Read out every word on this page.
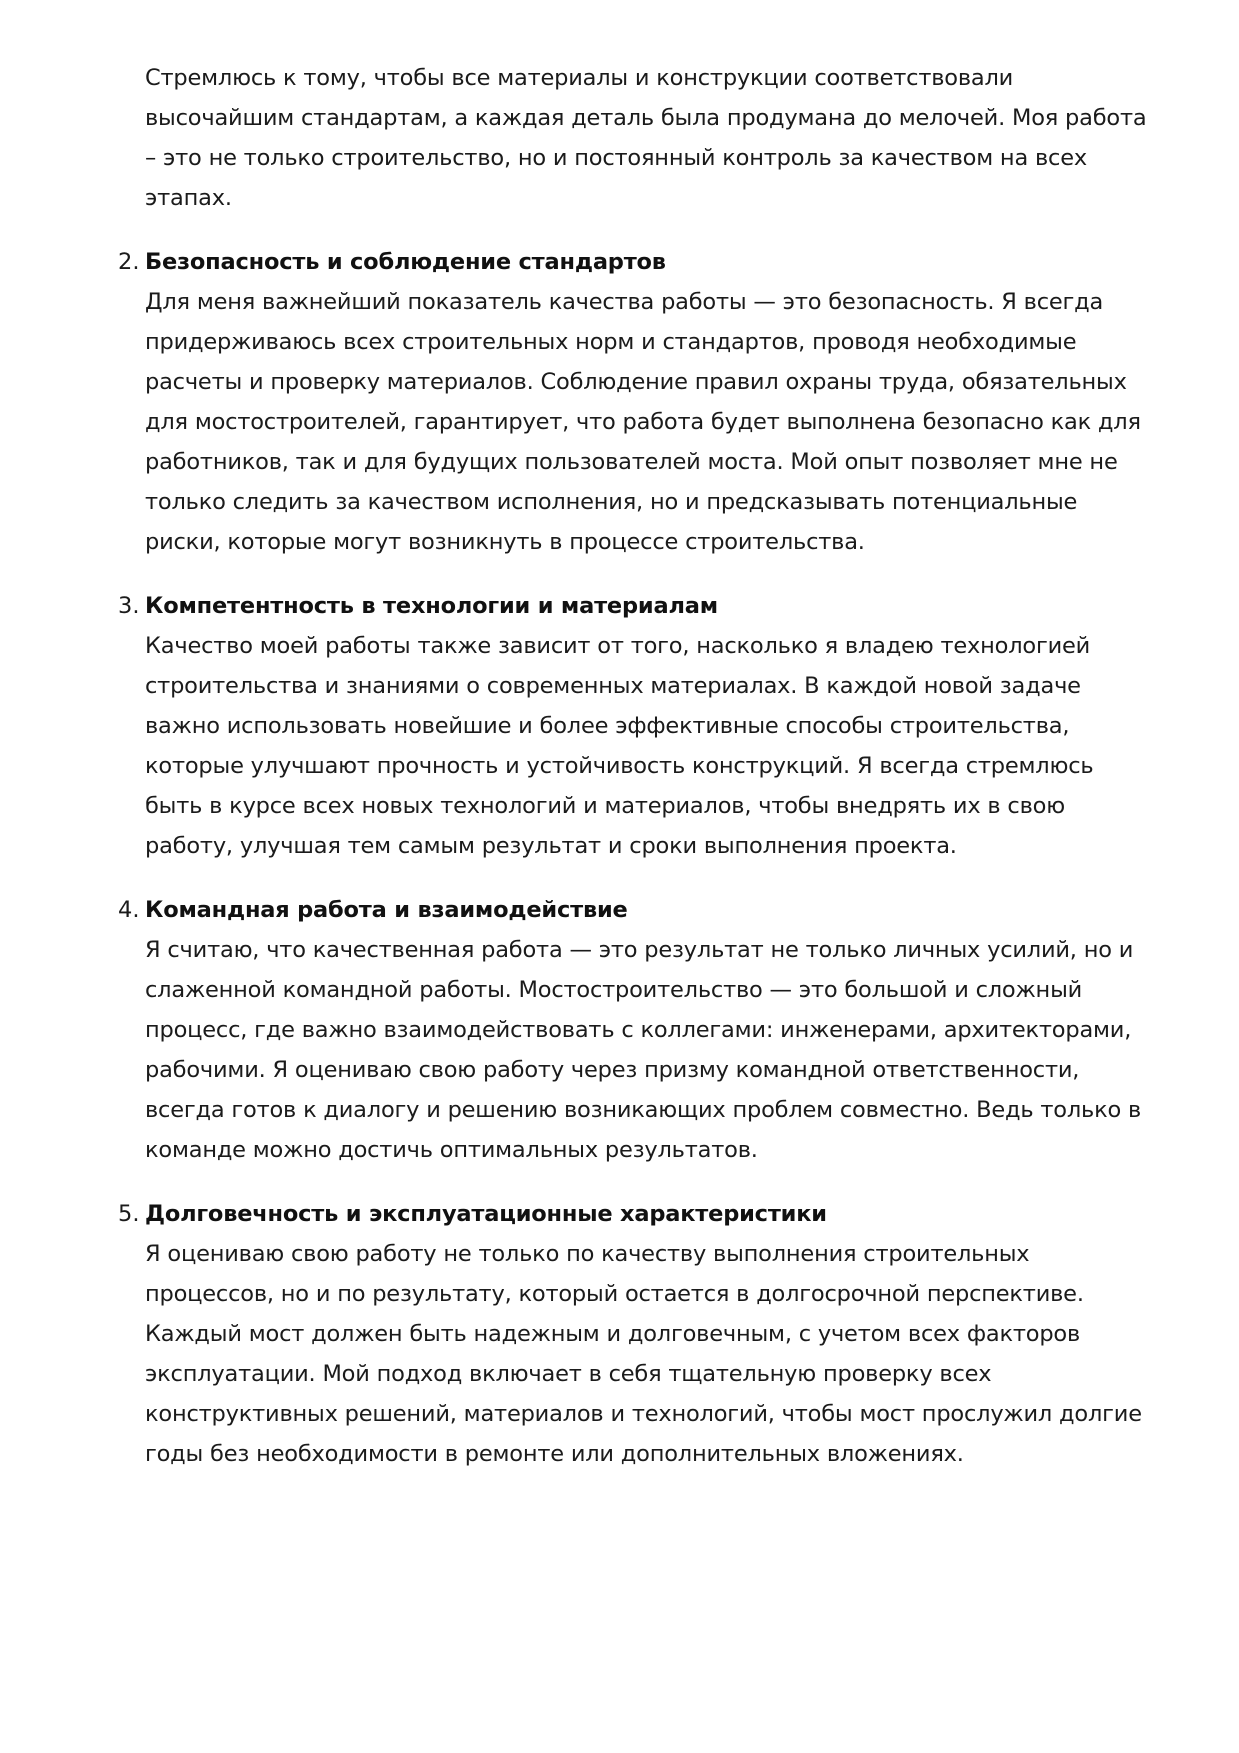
Стремлюсь к тому, чтобы все материалы и конструкции соответствовали высочайшим стандартам, а каждая деталь была продумана до мелочей. Моя работа – это не только строительство, но и постоянный контроль за качеством на всех этапах.

2. Безопасность и соблюдение стандартов

Для меня важнейший показатель качества работы — это безопасность. Я всегда придерживаюсь всех строительных норм и стандартов, проводя необходимые расчеты и проверку материалов. Соблюдение правил охраны труда, обязательных для мостостроителей, гарантирует, что работа будет выполнена безопасно как для работников, так и для будущих пользователей моста. Мой опыт позволяет мне не только следить за качеством исполнения, но и предсказывать потенциальные риски, которые могут возникнуть в процессе строительства.

3. Компетентность в технологии и материалам

Качество моей работы также зависит от того, насколько я владею технологией строительства и знаниями о современных материалах. В каждой новой задаче важно использовать новейшие и более эффективные способы строительства, которые улучшают прочность и устойчивость конструкций. Я всегда стремлюсь быть в курсе всех новых технологий и материалов, чтобы внедрять их в свою работу, улучшая тем самым результат и сроки выполнения проекта.

4. Командная работа и взаимодействие

Я считаю, что качественная работа — это результат не только личных усилий, но и слаженной командной работы. Мостостроительство — это большой и сложный процесс, где важно взаимодействовать с коллегами: инженерами, архитекторами, рабочими. Я оцениваю свою работу через призму командной ответственности, всегда готов к диалогу и решению возникающих проблем совместно. Ведь только в команде можно достичь оптимальных результатов.

5. Долговечность и эксплуатационные характеристики

Я оцениваю свою работу не только по качеству выполнения строительных процессов, но и по результату, который остается в долгосрочной перспективе. Каждый мост должен быть надежным и долговечным, с учетом всех факторов эксплуатации. Мой подход включает в себя тщательную проверку всех конструктивных решений, материалов и технологий, чтобы мост прослужил долгие годы без необходимости в ремонте или дополнительных вложениях.
